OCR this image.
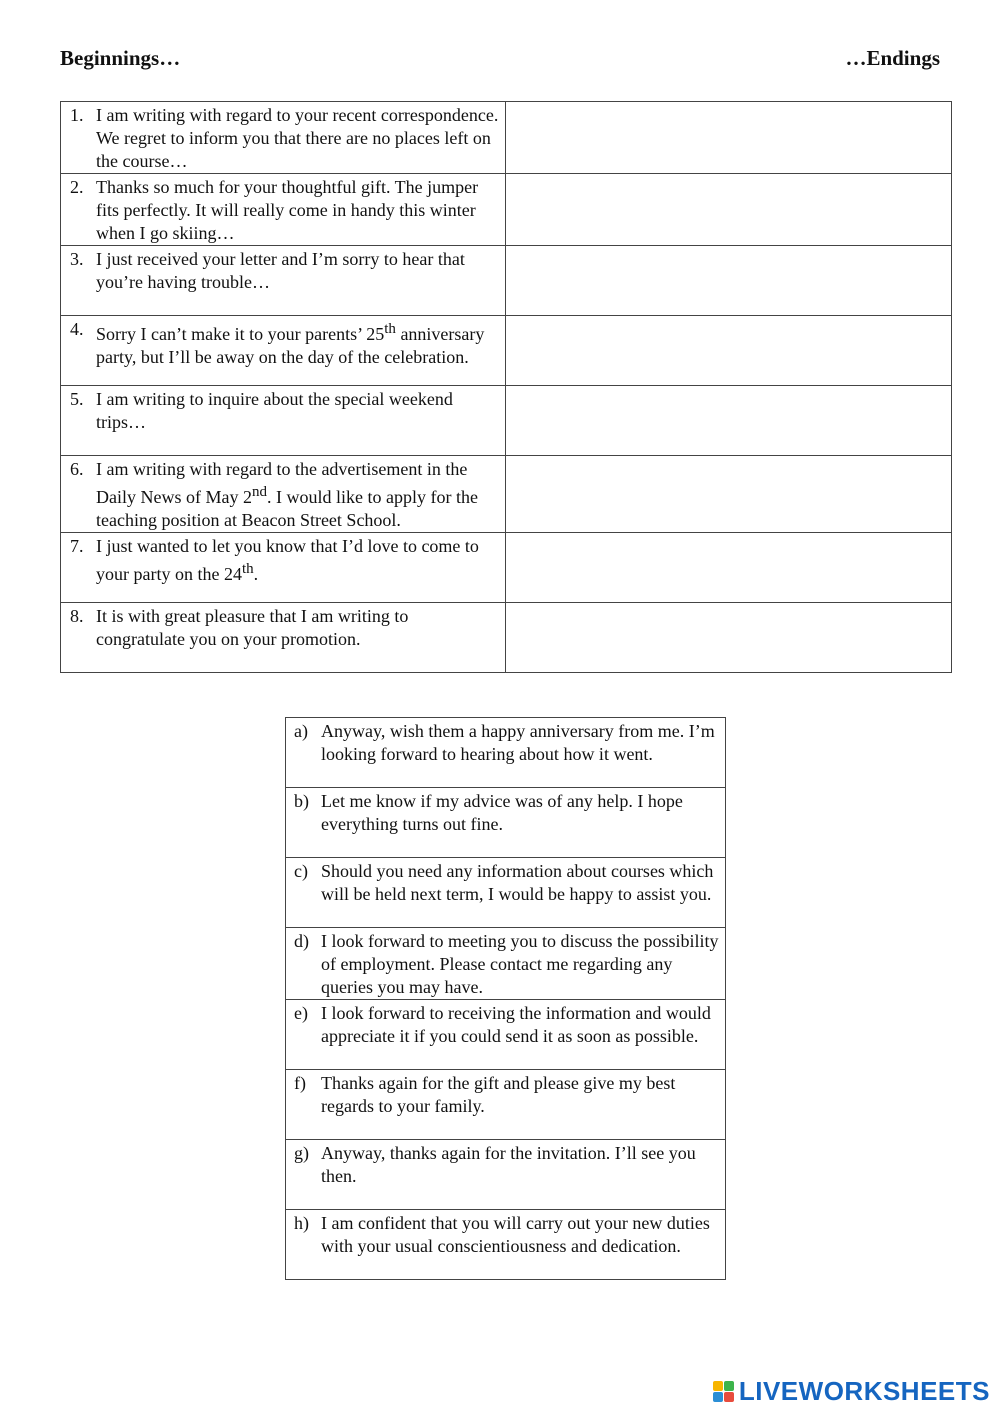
Beginnings…	…Endings
1. I am writing with regard to your recent correspondence. We regret to inform you that there are no places left on the course…	

2. Thanks so much for your thoughtful gift. The jumper fits perfectly. It will really come in handy this winter when I go skiing…	

3. I just received your letter and I’m sorry to hear that you’re having trouble…	

4. Sorry I can’t make it to your parents’ 25th anniversary party, but I’ll be away on the day of the celebration.	

5. I am writing to inquire about the special weekend trips…	

6. I am writing with regard to the advertisement in the Daily News of May 2nd. I would like to apply for the teaching position at Beacon Street School.	

7. I just wanted to let you know that I’d love to come to your party on the 24th.	

8. It is with great pleasure that I am writing to congratulate you on your promotion.	

a) Anyway, wish them a happy anniversary from me. I’m looking forward to hearing about how it went.

b) Let me know if my advice was of any help. I hope everything turns out fine.

c) Should you need any information about courses which will be held next term, I would be happy to assist you.

d) I look forward to meeting you to discuss the possibility of employment. Please contact me regarding any queries you may have.

e) I look forward to receiving the information and would appreciate it if you could send it as soon as possible.

f) Thanks again for the gift and please give my best regards to your family.

g) Anyway, thanks again for the invitation. I’ll see you then.

h) I am confident that you will carry out your new duties with your usual conscientiousness and dedication.
LIVEWORKSHEETS
